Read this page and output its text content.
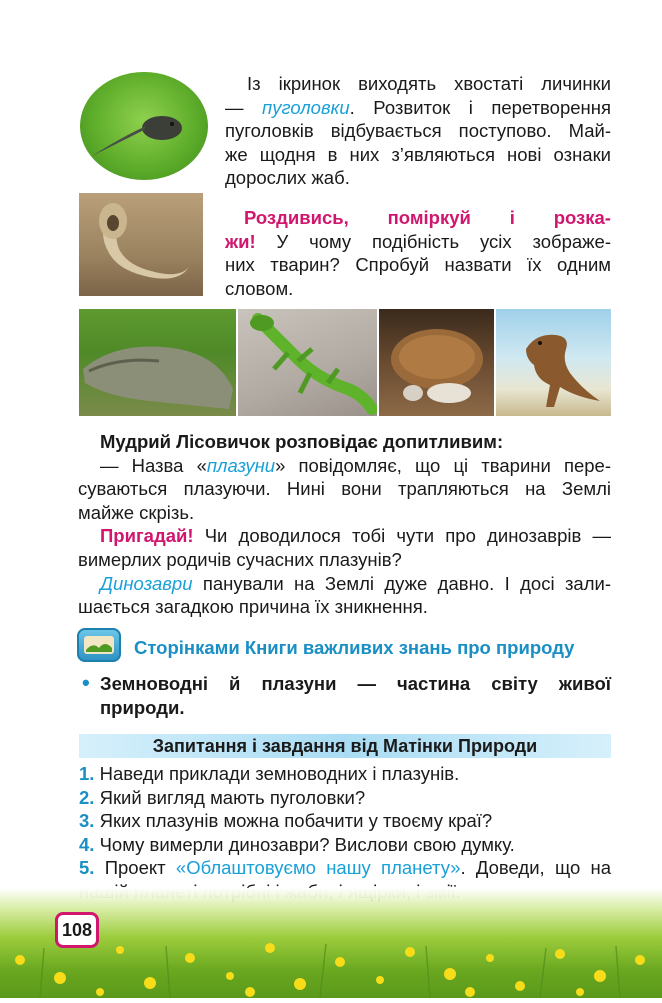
Із ікринок виходять хвостаті личинки
— пуголовки. Розвиток і перетворення
пуголовків відбувається поступово. Май-
же щодня в них з’являються нові ознаки
дорослих жаб.
Роздивись, поміркуй і розка-
жи! У чому подібність усіх зображе-
них тварин? Спробуй назвати їх одним
словом.
Мудрий Лісовичок розповідає допитливим:
— Назва «плазуни» повідомляє, що ці тварини пере-
суваються плазуючи. Нині вони трапляються на Землі
майже скрізь.
Пригадай! Чи доводилося тобі чути про динозаврів —
вимерлих родичів сучасних плазунів?
Динозаври панували на Землі дуже давно. І досі зали-
шається загадкою причина їх зникнення.
Сторінками Книги важливих знань про природу
• Земноводні й плазуни — частина світу живої
природи.
Запитання і завдання від Матінки Природи
1. Наведи приклади земноводних і плазунів.
2. Який вигляд мають пуголовки?
3. Яких плазунів можна побачити у твоєму краї?
4. Чому вимерли динозаври? Вислови свою думку.
5. Проект «Облаштовуємо нашу планету». Доведи, що на
108
